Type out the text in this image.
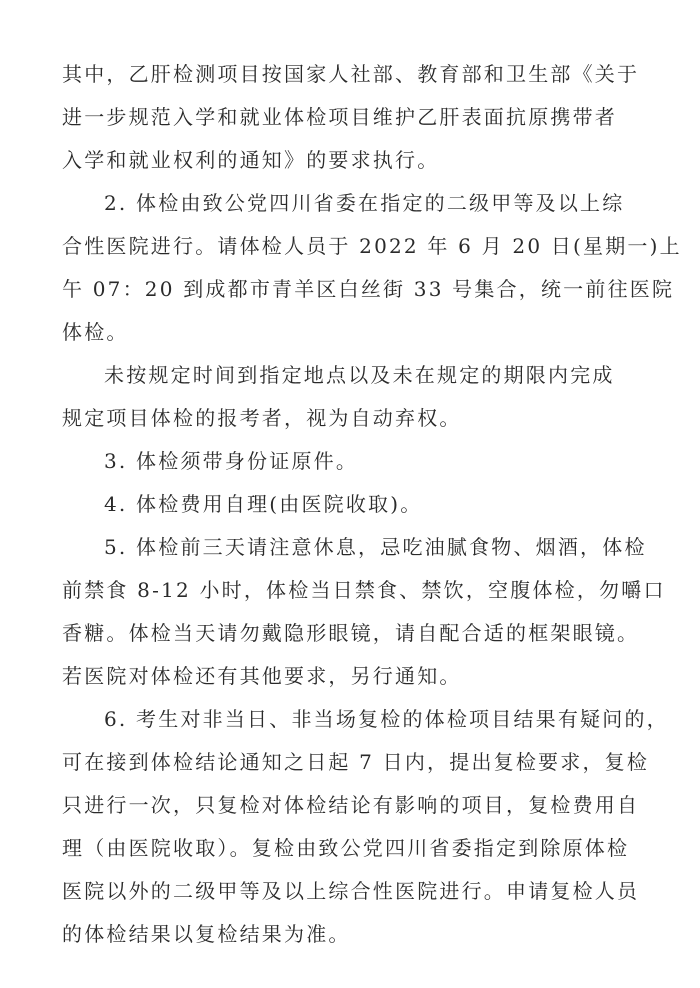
其中，乙肝检测项目按国家人社部、教育部和卫生部《关于
进一步规范入学和就业体检项目维护乙肝表面抗原携带者
入学和就业权利的通知》的要求执行。
2. 体检由致公党四川省委在指定的二级甲等及以上综
合性医院进行。请体检人员于 2022 年 6 月 20 日(星期一)上
午 07：20 到成都市青羊区白丝街 33 号集合，统一前往医院
体检。
未按规定时间到指定地点以及未在规定的期限内完成
规定项目体检的报考者，视为自动弃权。
3. 体检须带身份证原件。
4. 体检费用自理(由医院收取)。
5. 体检前三天请注意休息，忌吃油腻食物、烟酒，体检
前禁食 8-12 小时，体检当日禁食、禁饮，空腹体检，勿嚼口
香糖。体检当天请勿戴隐形眼镜，请自配合适的框架眼镜。
若医院对体检还有其他要求，另行通知。
6. 考生对非当日、非当场复检的体检项目结果有疑问的，
可在接到体检结论通知之日起 7 日内，提出复检要求，复检
只进行一次，只复检对体检结论有影响的项目，复检费用自
理（由医院收取）。复检由致公党四川省委指定到除原体检
医院以外的二级甲等及以上综合性医院进行。申请复检人员
的体检结果以复检结果为准。
